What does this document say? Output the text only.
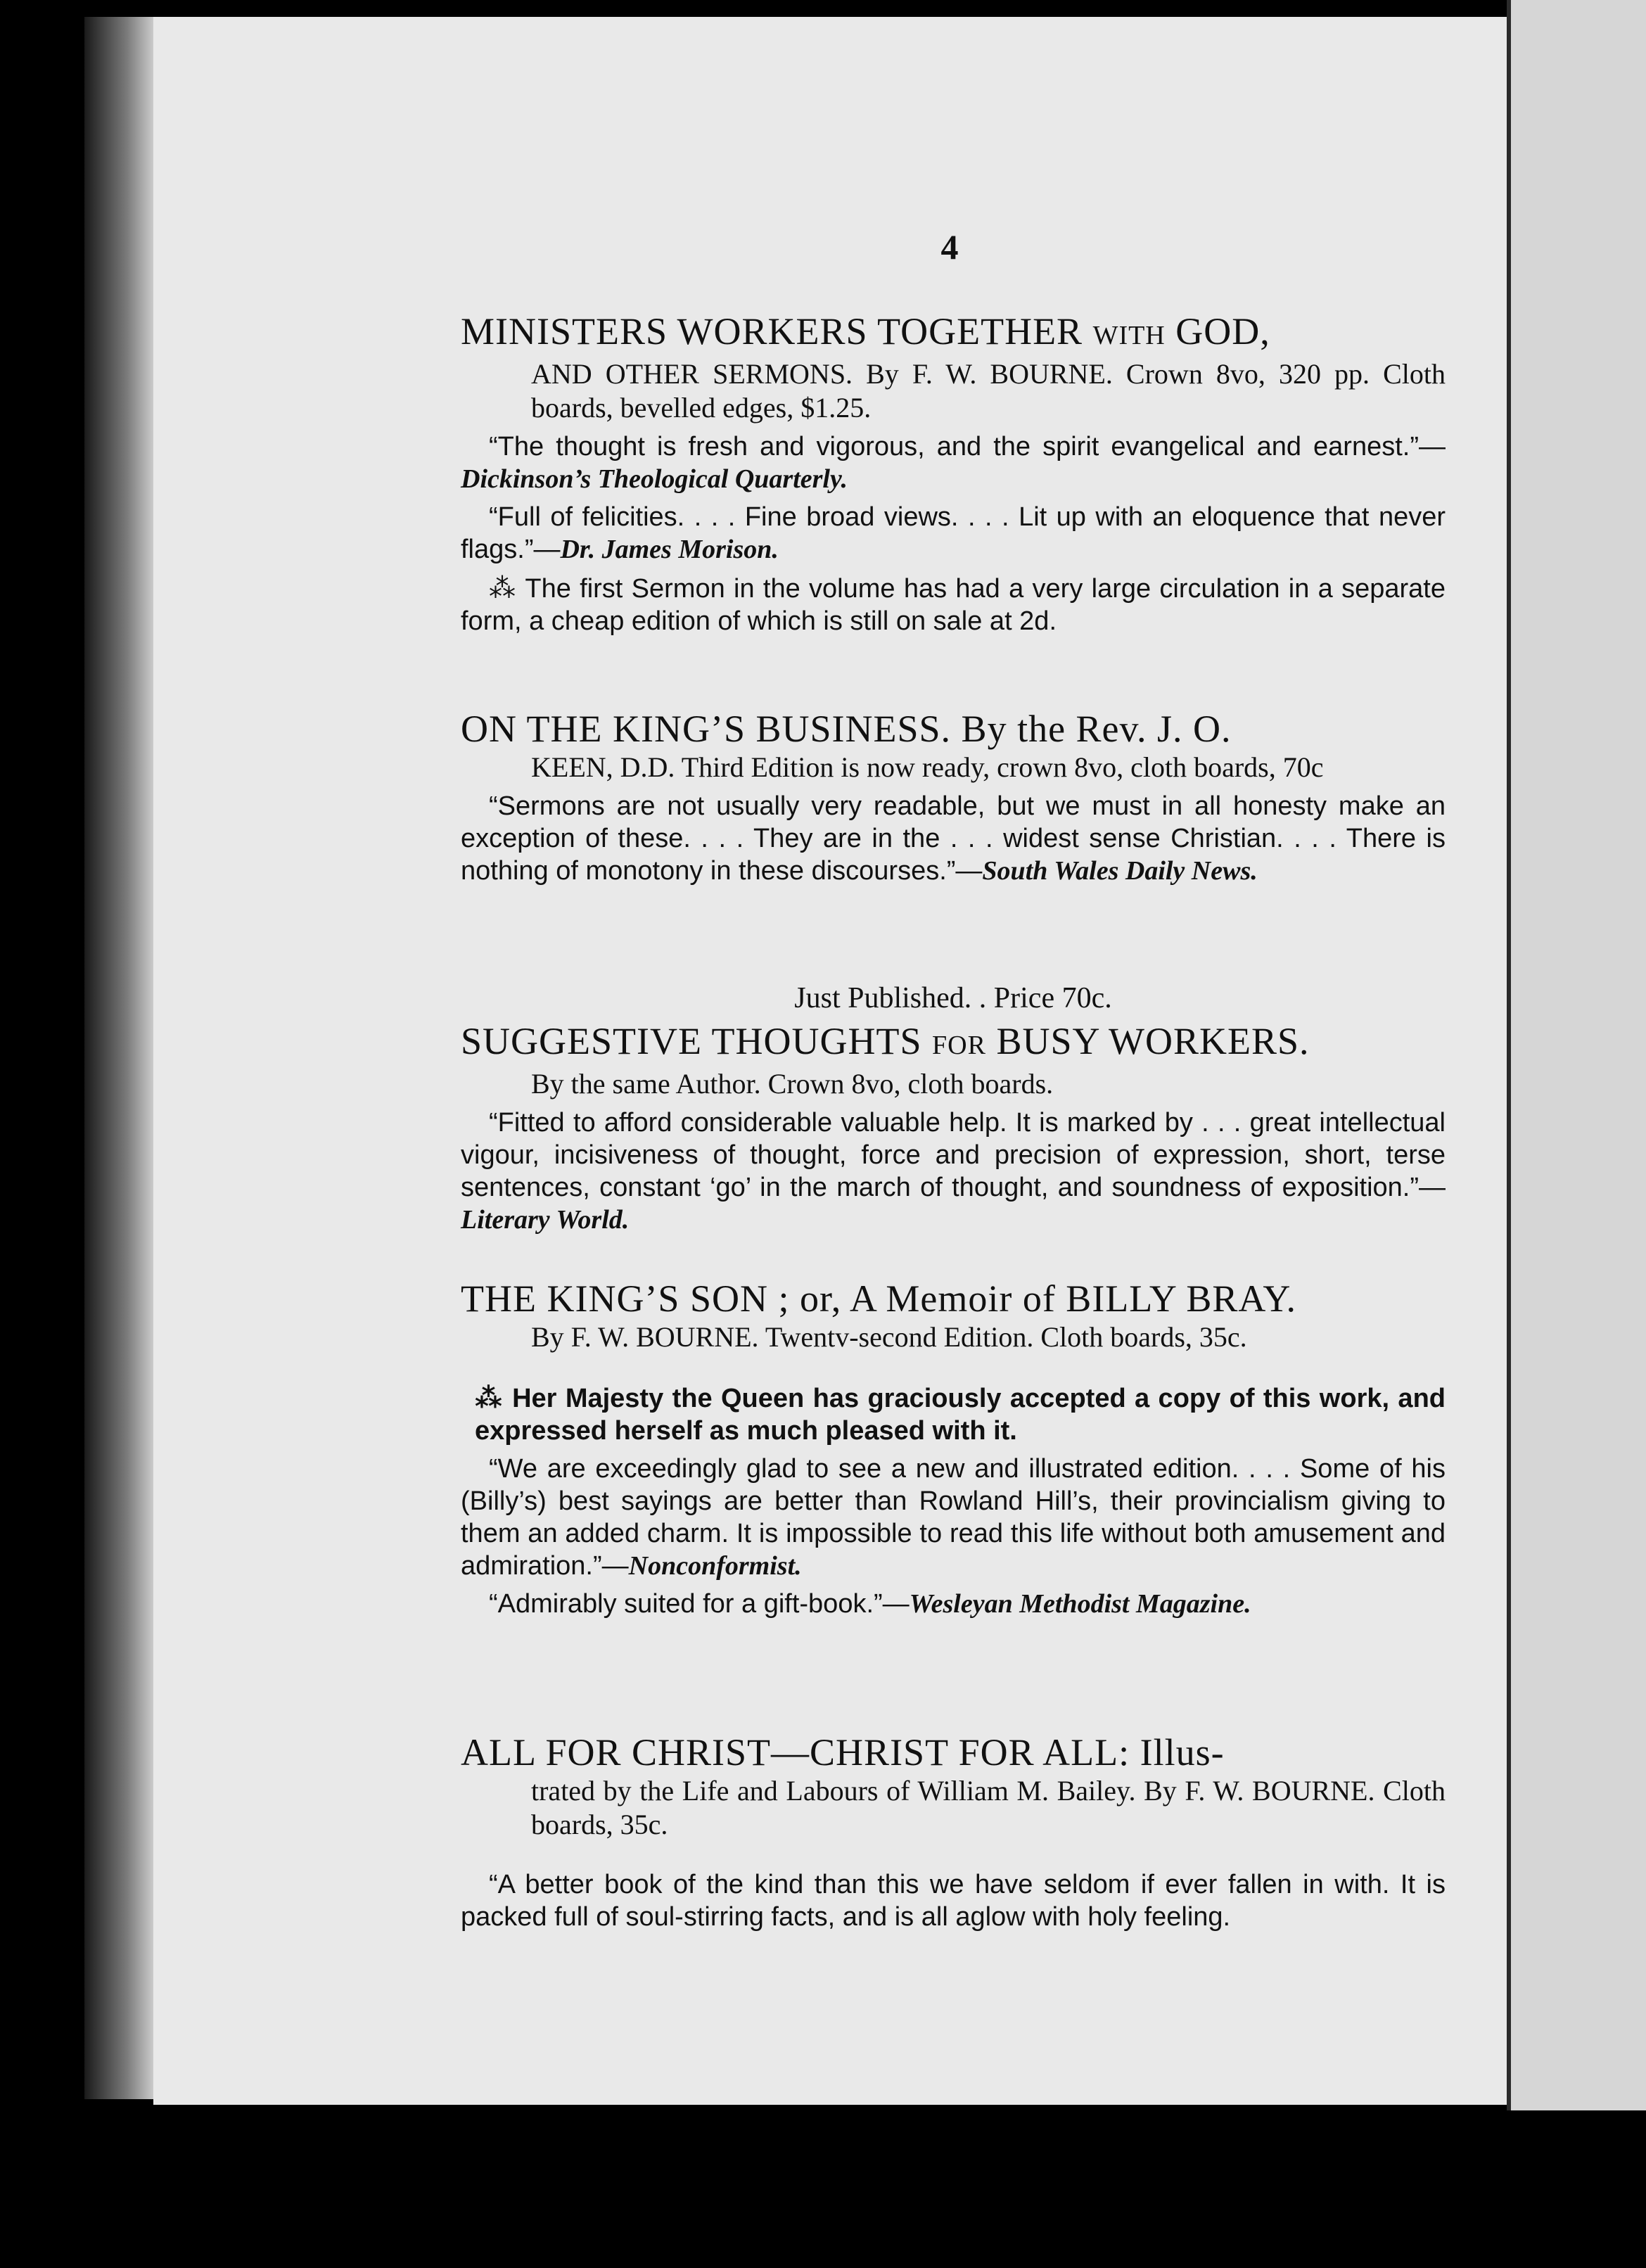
4
MINISTERS WORKERS TOGETHER WITH GOD,
AND OTHER SERMONS. By F. W. BOURNE. Crown 8vo, 320 pp. Cloth boards, bevelled edges, $1.25.
“The thought is fresh and vigorous, and the spirit evangelical and earnest.”—Dickinson’s Theological Quarterly.
“Full of felicities. . . . Fine broad views. . . . Lit up with an eloquence that never flags.”—Dr. James Morison.
⁂ The first Sermon in the volume has had a very large circulation in a separate form, a cheap edition of which is still on sale at 2d.
ON THE KING’S BUSINESS. By the Rev. J. O.
KEEN, D.D. Third Edition is now ready, crown 8vo, cloth boards, 70c
“Sermons are not usually very readable, but we must in all honesty make an exception of these. . . . They are in the . . . widest sense Christian. . . . There is nothing of monotony in these discourses.”—South Wales Daily News.
Just Published. . Price 70c.
SUGGESTIVE THOUGHTS FOR BUSY WORKERS.
By the same Author. Crown 8vo, cloth boards.
“Fitted to afford considerable valuable help. It is marked by . . . great intellectual vigour, incisiveness of thought, force and precision of expression, short, terse sentences, constant ‘go’ in the march of thought, and soundness of exposition.”—Literary World.
THE KING’S SON ; or, A Memoir of BILLY BRAY.
By F. W. BOURNE. Twentv-second Edition. Cloth boards, 35c.
⁂ Her Majesty the Queen has graciously accepted a copy of this work, and expressed herself as much pleased with it.
“We are exceedingly glad to see a new and illustrated edition. . . . Some of his (Billy’s) best sayings are better than Rowland Hill’s, their provincialism giving to them an added charm. It is impossible to read this life without both amusement and admiration.”—Nonconformist.
“Admirably suited for a gift-book.”—Wesleyan Methodist Magazine.
ALL FOR CHRIST—CHRIST FOR ALL: Illus-
trated by the Life and Labours of William M. Bailey. By F. W. BOURNE. Cloth boards, 35c.
“A better book of the kind than this we have seldom if ever fallen in with. It is packed full of soul-stirring facts, and is all aglow with holy feeling.
